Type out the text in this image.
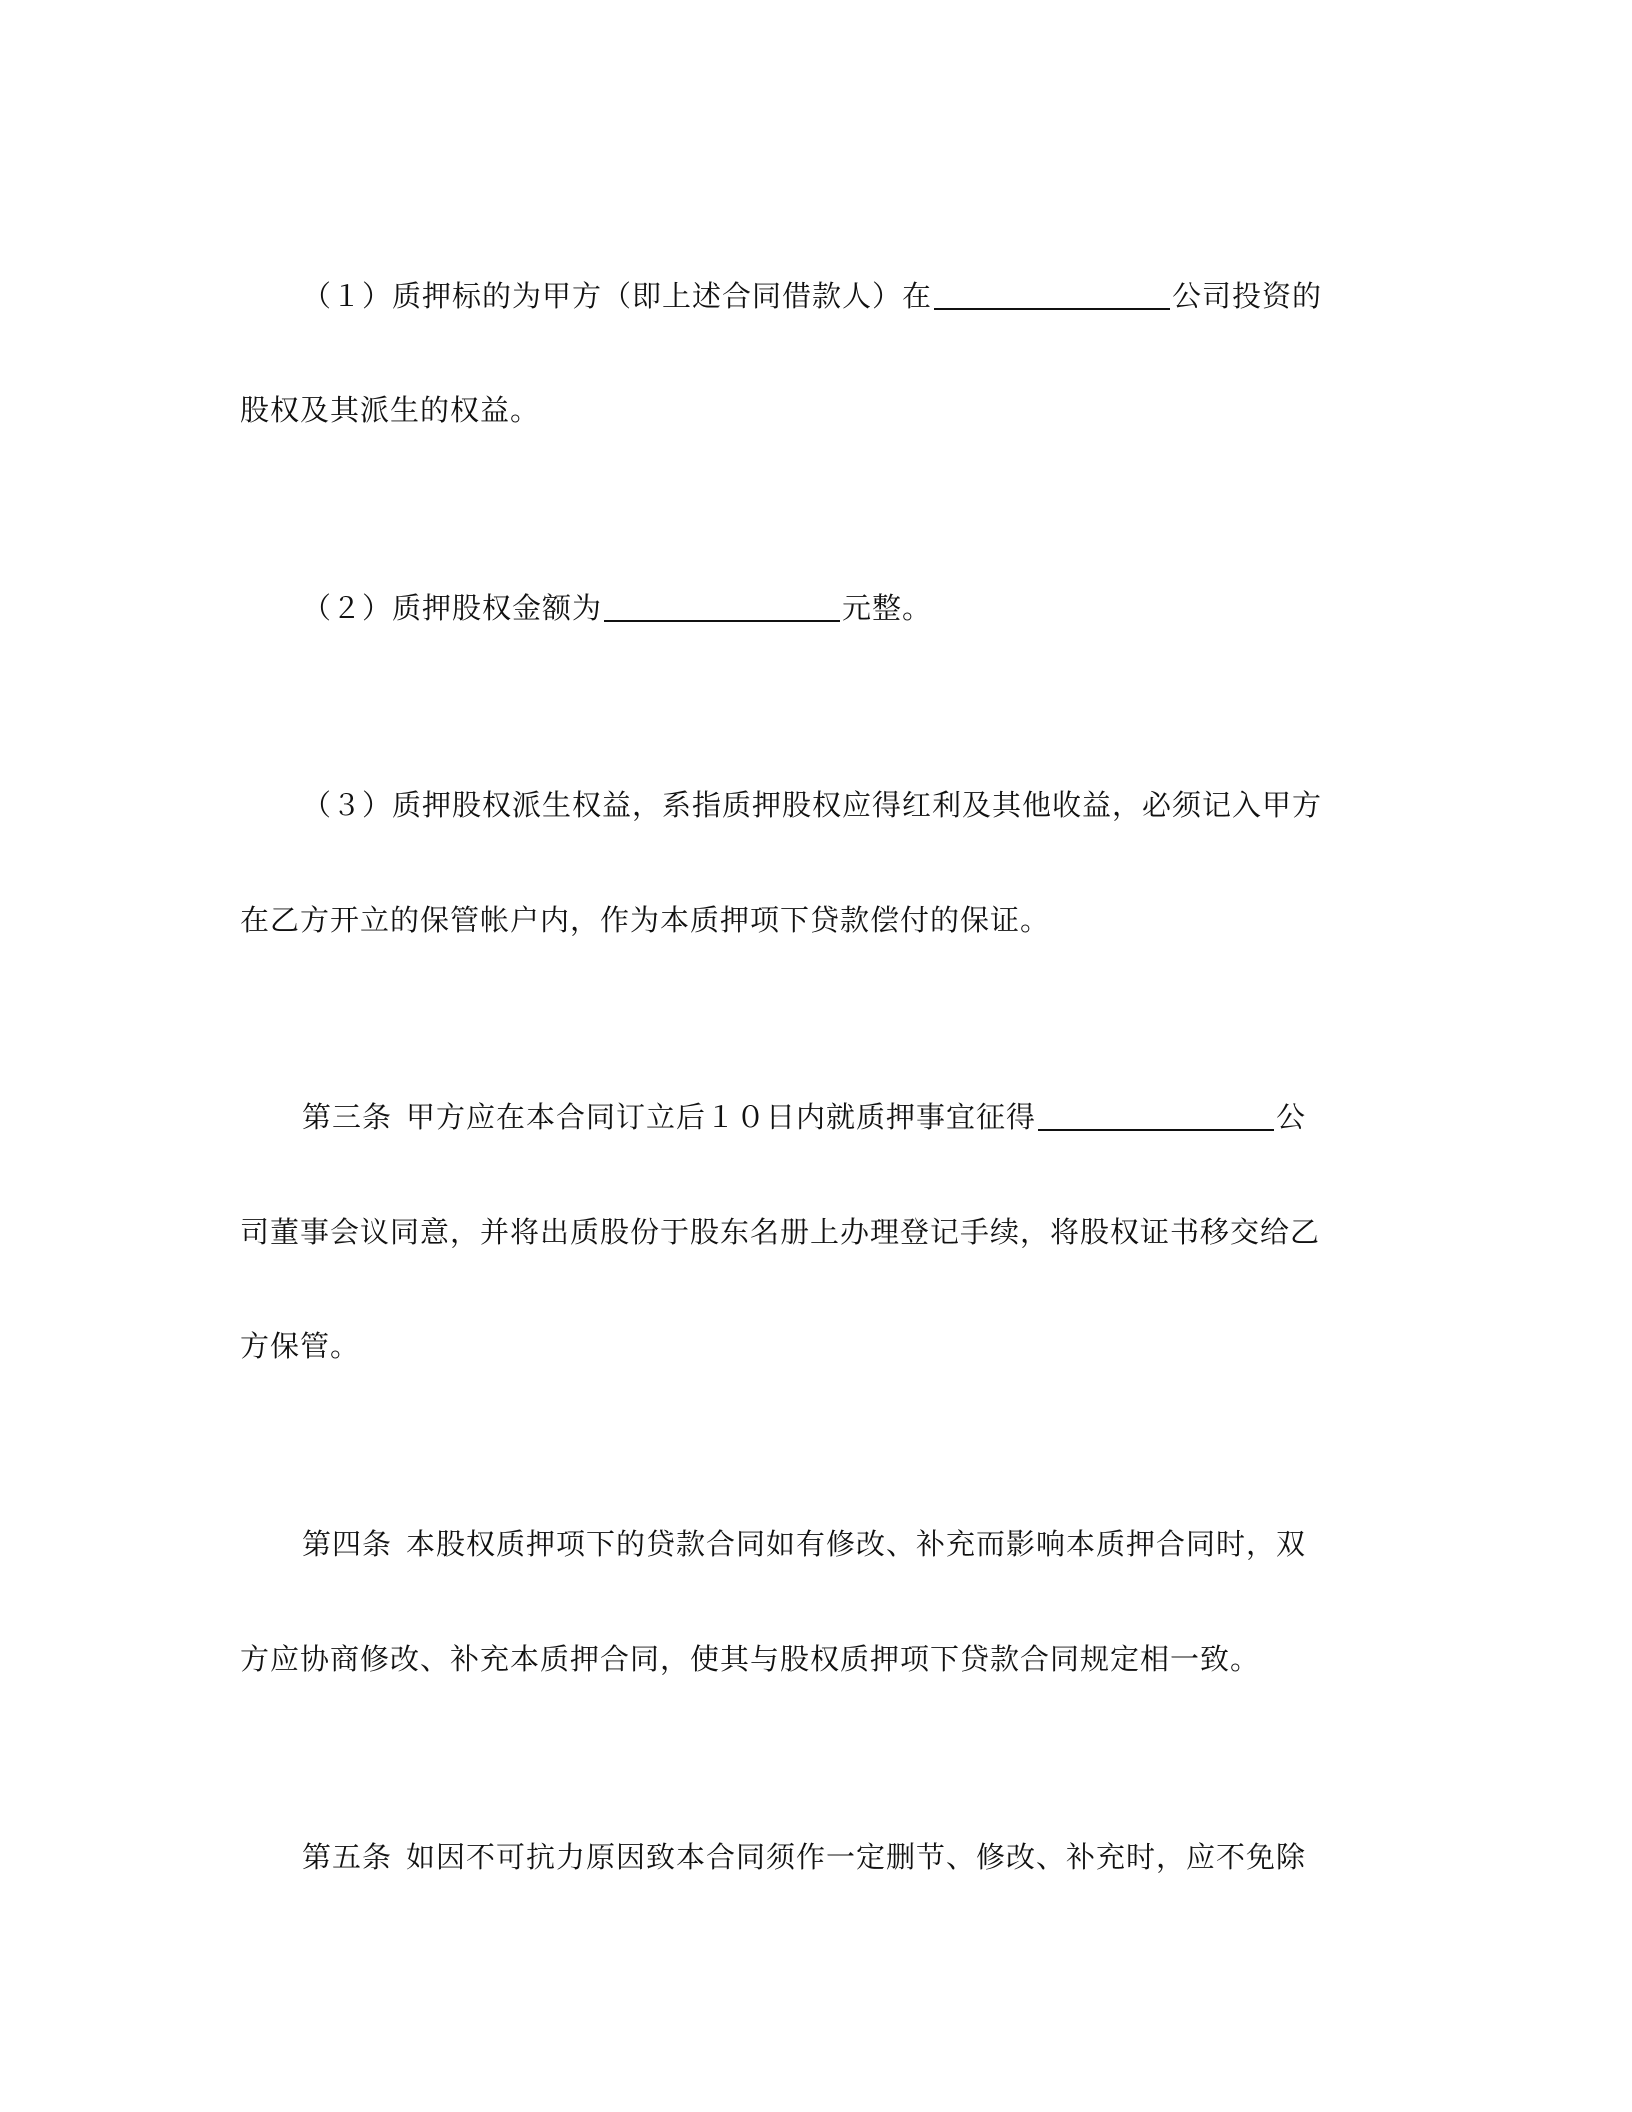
（１）质押标的为甲方（即上述合同借款人）在	公司投资的
股权及其派生的权益。
（２）质押股权金额为	元整。
（３）质押股权派生权益，系指质押股权应得红利及其他收益，必须记入甲方
在乙方开立的保管帐户内，作为本质押项下贷款偿付的保证。
第三条 甲方应在本合同订立后１０日内就质押事宜征得	公
司董事会议同意，并将出质股份于股东名册上办理登记手续，将股权证书移交给乙
方保管。
第四条 本股权质押项下的贷款合同如有修改、补充而影响本质押合同时，双
方应协商修改、补充本质押合同，使其与股权质押项下贷款合同规定相一致。
第五条 如因不可抗力原因致本合同须作一定删节、修改、补充时，应不免除
